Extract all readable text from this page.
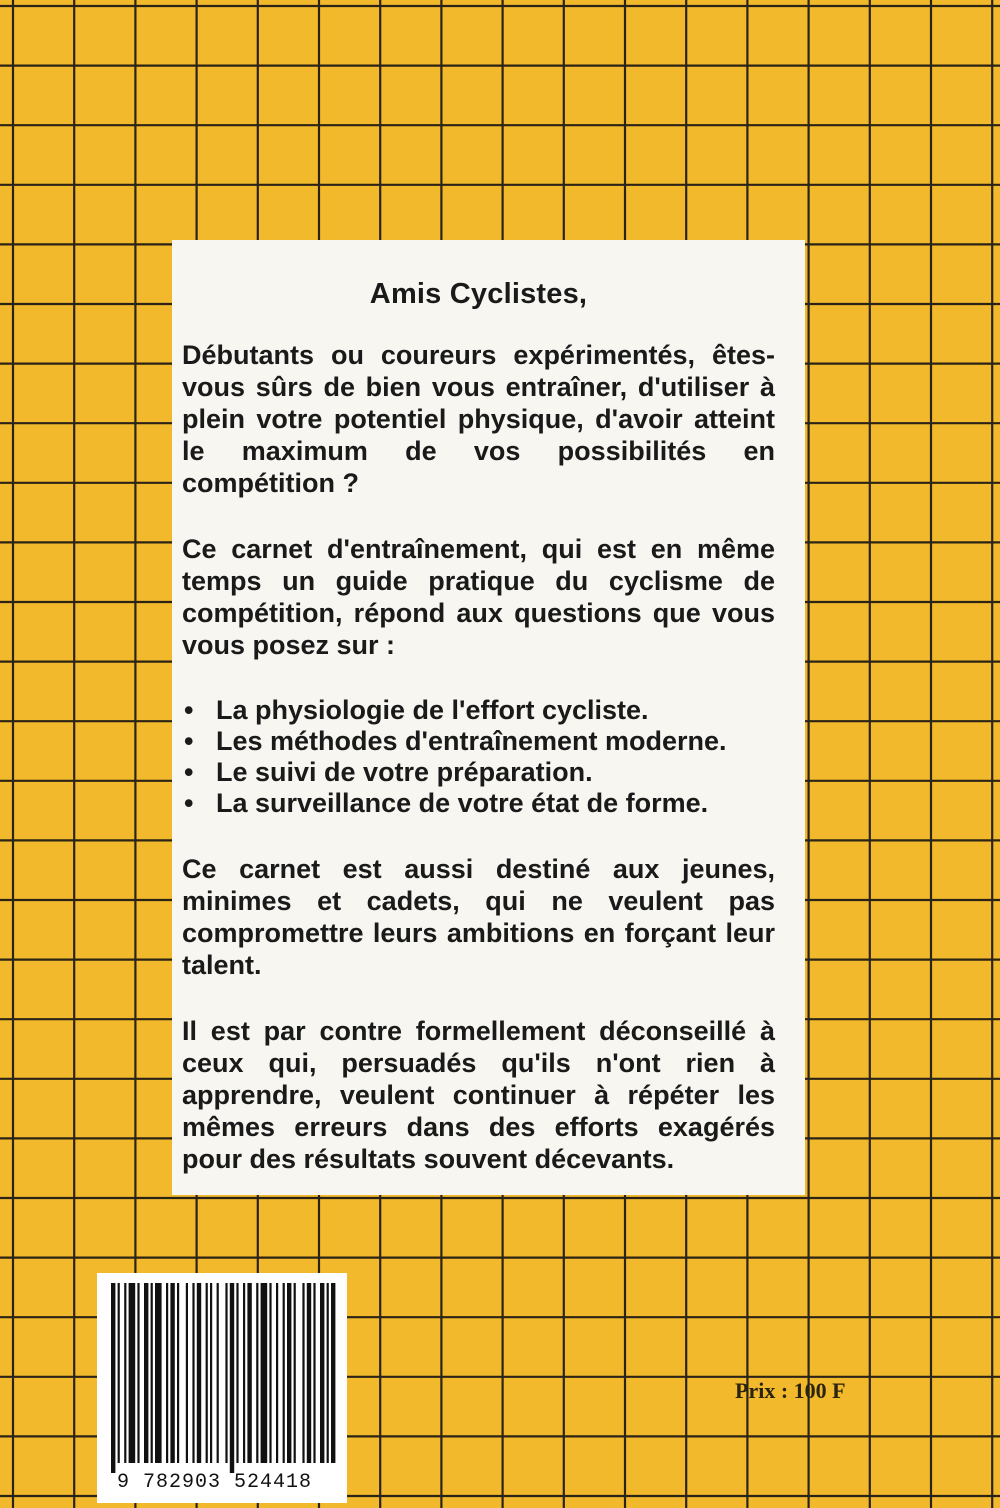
Amis Cyclistes,

Débutants ou coureurs expérimentés, êtes-vous sûrs de bien vous entraîner, d'utiliser à plein votre potentiel physique, d'avoir atteint le maximum de vos possibilités en compétition ?

Ce carnet d'entraînement, qui est en même temps un guide pratique du cyclisme de compétition, répond aux questions que vous vous posez sur :

• La physiologie de l'effort cycliste.
• Les méthodes d'entraînement moderne.
• Le suivi de votre préparation.
• La surveillance de votre état de forme.

Ce carnet est aussi destiné aux jeunes, minimes et cadets, qui ne veulent pas compromettre leurs ambitions en forçant leur talent.

Il est par contre formellement déconseillé à ceux qui, persuadés qu'ils n'ont rien à apprendre, veulent continuer à répéter les mêmes erreurs dans des efforts exagérés pour des résultats souvent décevants.

9 782903 524418
Prix : 100 F
